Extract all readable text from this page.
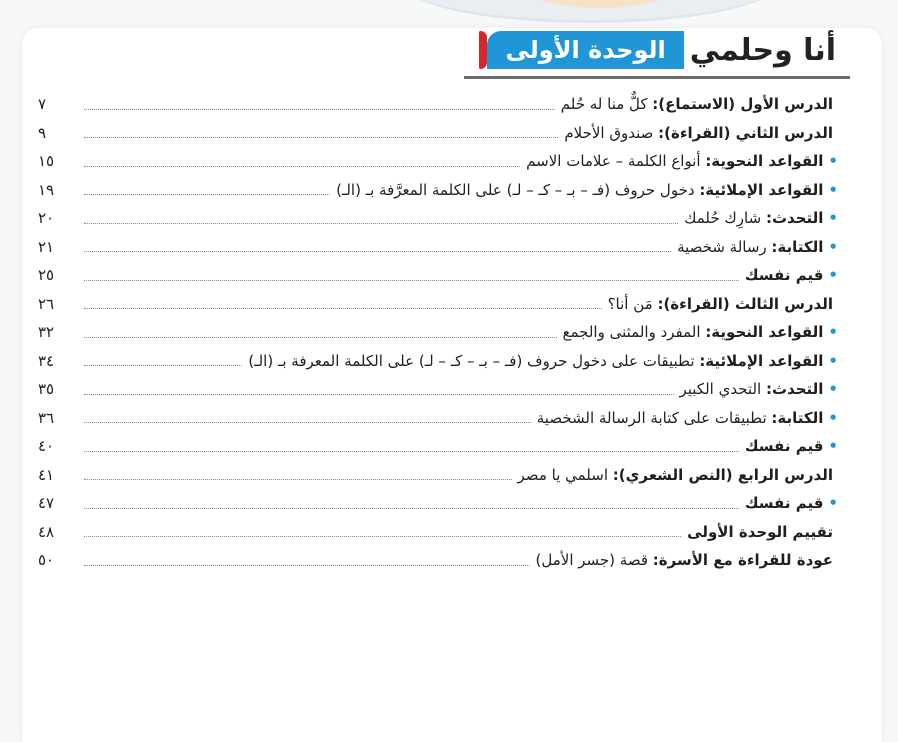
الوحدة الأولى أنا وحلمي
الدرس الأول (الاستماع): كلٌّ منا له حُلم
٧
الدرس الثاني (القراءة): صندوق الأحلام
٩
•القواعد النحوية: أنواع الكلمة – علامات الاسم
١٥
•القواعد الإملائية: دخول حروف (فـ – بـ – كـ – لـ) على الكلمة المعرَّفة بـ (الـ)
١٩
•التحدث: شارِك حُلمك
٢٠
•الكتابة: رسالة شخصية
٢١
•قيم نفسك
٢٥
الدرس الثالث (القراءة): مَن أنا؟
٢٦
•القواعد النحوية: المفرد والمثنى والجمع
٣٢
•القواعد الإملائية: تطبيقات على دخول حروف (فـ – بـ – كـ – لـ) على الكلمة المعرفة بـ (الـ)
٣٤
•التحدث: التحدي الكبير
٣٥
•الكتابة: تطبيقات على كتابة الرسالة الشخصية
٣٦
•قيم نفسك
٤٠
الدرس الرابع (النص الشعري): اسلمي يا مصر
٤١
•قيم نفسك
٤٧
تقييم الوحدة الأولى
٤٨
عودة للقراءة مع الأسرة: قصة (جسر الأمل)
٥٠
